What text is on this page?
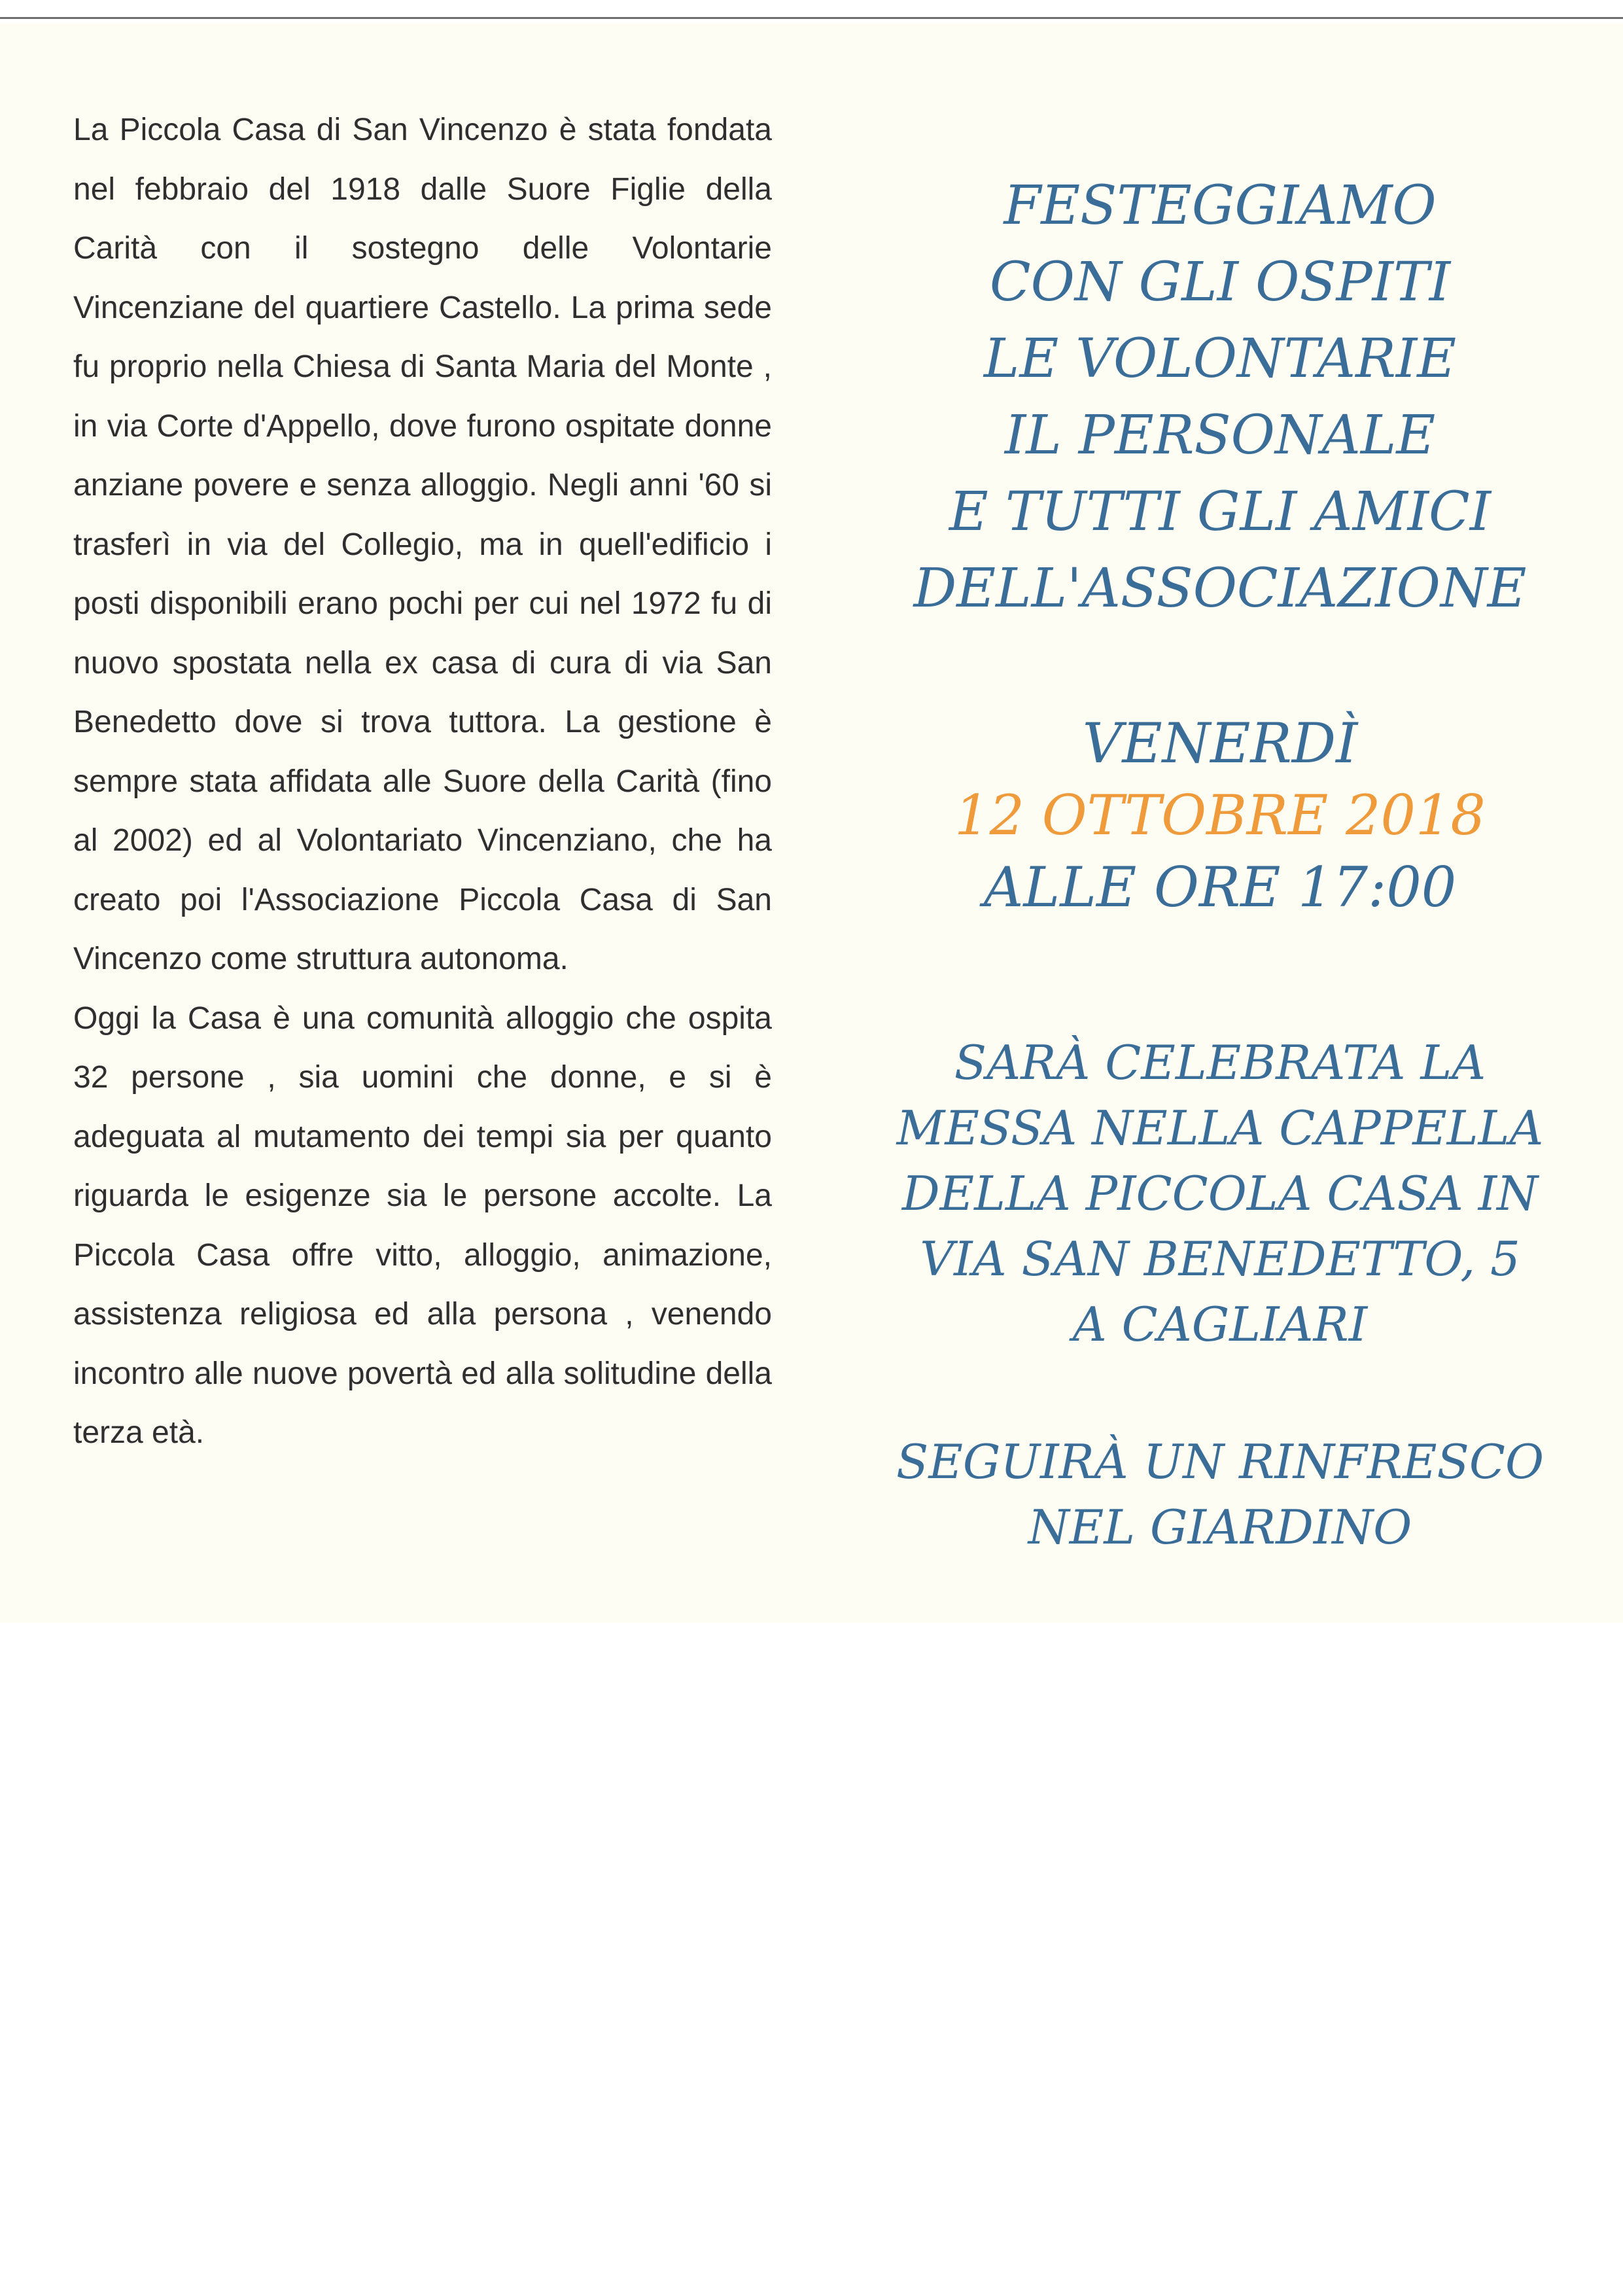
La Piccola Casa di San Vincenzo è stata fondata nel febbraio del 1918 dalle Suore Figlie della Carità con il sostegno delle Volontarie Vincenziane del quartiere Castello. La prima sede fu proprio nella Chiesa di Santa Maria del Monte , in via Corte d'Appello, dove furono ospitate donne anziane povere e senza alloggio. Negli anni '60 si trasferì in via del Collegio, ma in quell'edificio i posti disponibili erano pochi per cui nel 1972 fu di nuovo spostata nella ex casa di cura di via San Benedetto dove si trova tuttora. La gestione è sempre stata affidata alle Suore della Carità (fino al 2002) ed al Volontariato Vincenziano, che ha creato poi l'Associazione Piccola Casa di San Vincenzo come struttura autonoma.

Oggi la Casa è una comunità alloggio che ospita 32 persone , sia uomini che donne, e si è adeguata al mutamento dei tempi sia per quanto riguarda le esigenze sia le persone accolte. La Piccola Casa offre vitto, alloggio, animazione, assistenza religiosa ed alla persona , venendo incontro alle nuove povertà ed alla solitudine della terza età.

FESTEGGIAMO
CON GLI OSPITI
LE VOLONTARIE
IL PERSONALE
E TUTTI GLI AMICI
DELL'ASSOCIAZIONE
VENERDÌ
12 OTTOBRE 2018
ALLE ORE 17:00
SARÀ CELEBRATA LA
MESSA NELLA CAPPELLA
DELLA PICCOLA CASA IN
VIA SAN BENEDETTO, 5
A CAGLIARI
SEGUIRÀ UN RINFRESCO
NEL GIARDINO
